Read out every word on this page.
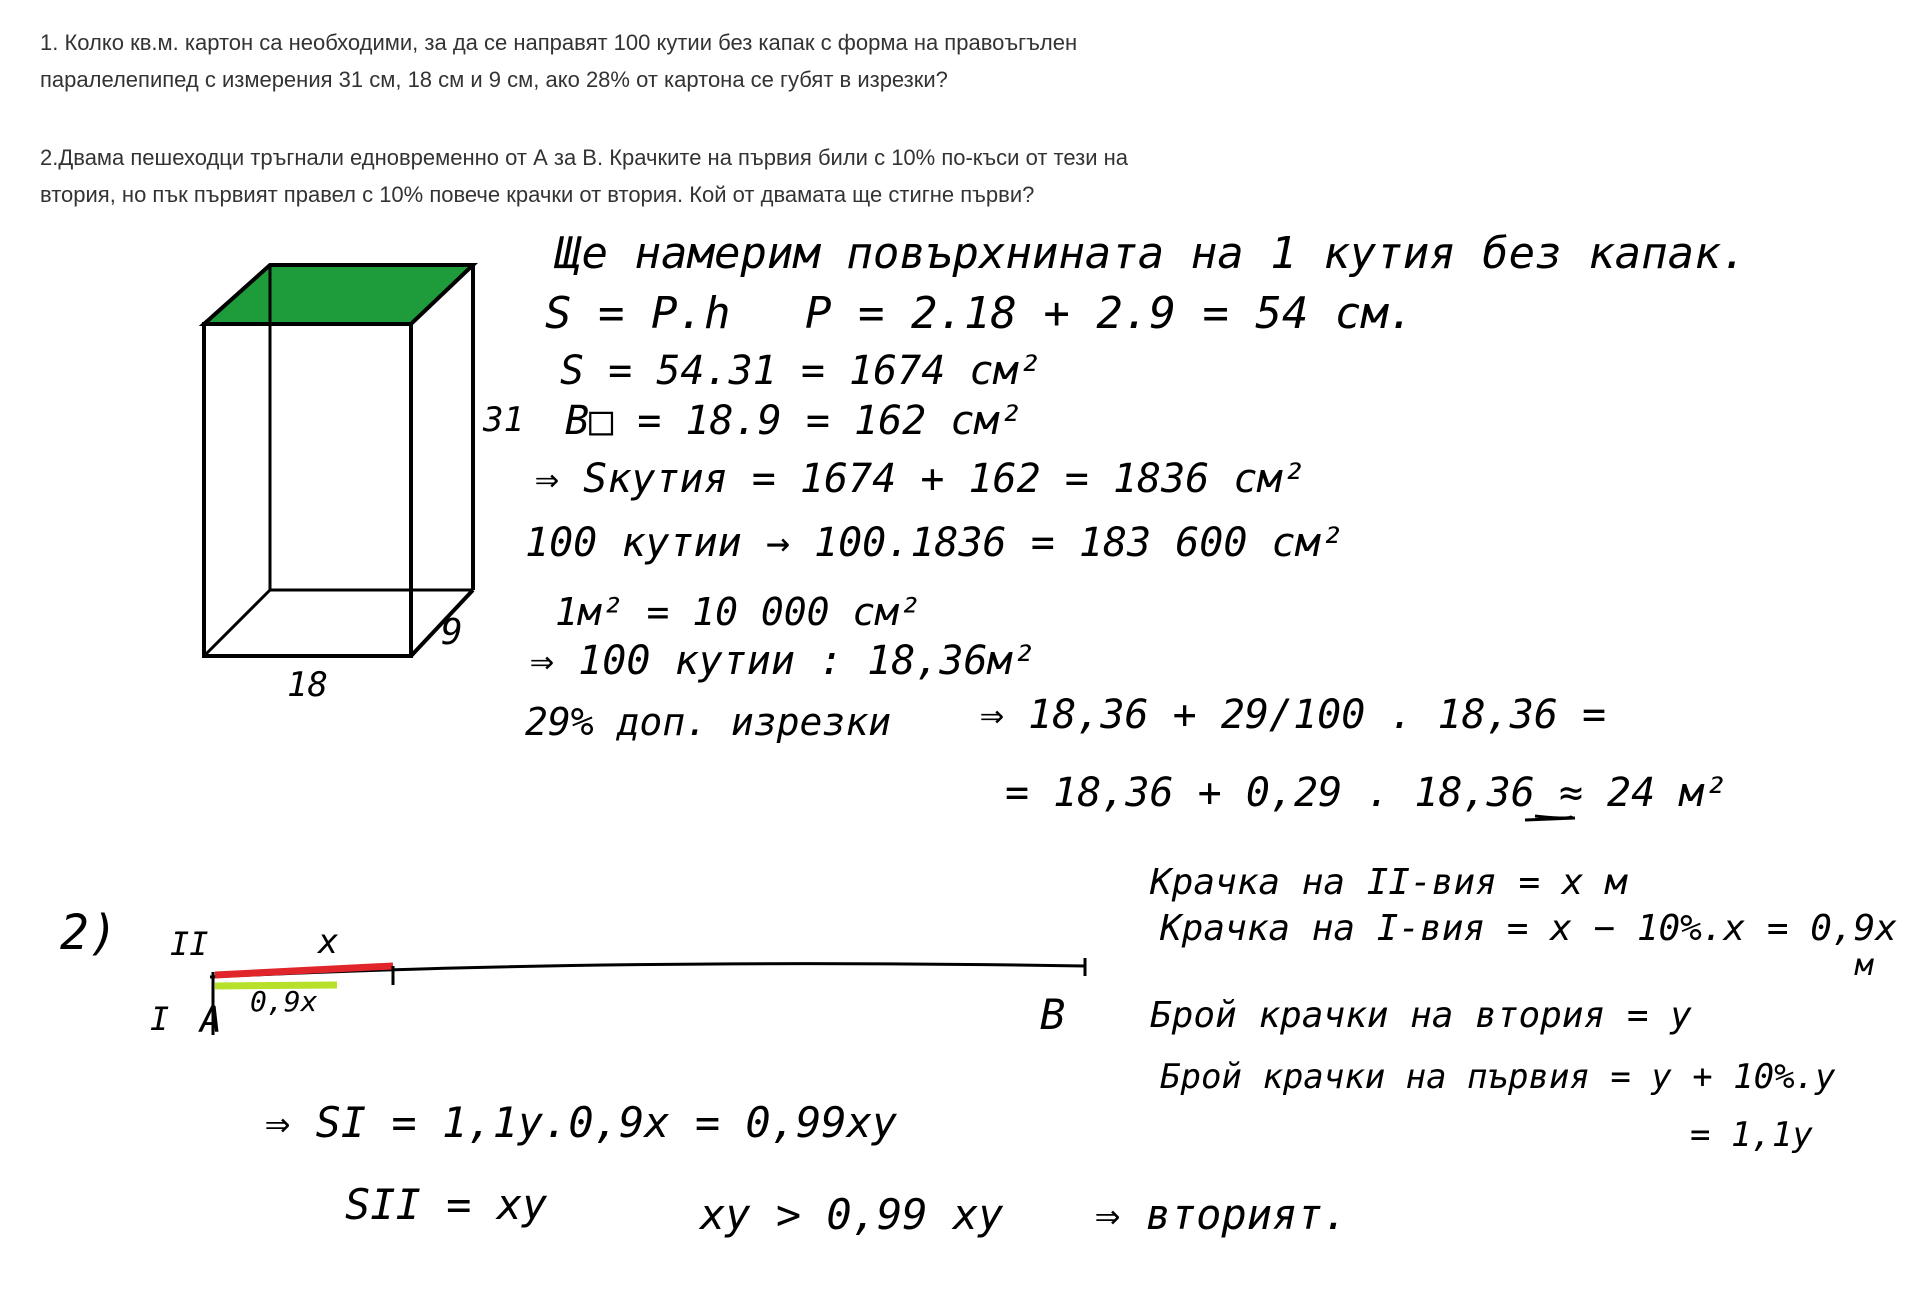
1. Колко кв.м. картон са необходими, за да се направят 100 кутии без капак с форма на правоъгълен
паралелепипед с измерения 31 см, 18 см и 9 см, ако 28% от картона се губят в изрезки?
2.Двама пешеходци тръгнали едновременно от А за В. Крачките на първия били с 10% по-къси от тези на
втория, но пък първият правел с 10% повече крачки от втория. Кой от двамата ще стигне първи?
31
18
9
Ще намерим повърхнината на 1 кутия без капак.
S = P.h P = 2.18 + 2.9 = 54 см.
S = 54.31 = 1674 см²
B□ = 18.9 = 162 см²
⇒ Sкутия = 1674 + 162 = 1836 см²
100 кутии → 100.1836 = 183 600 см²
1м² = 10 000 см²
⇒ 100 кутии : 18,36м²
29% доп. изрезки ⇒ 18,36 + 29/100 . 18,36 =
= 18,36 + 0,29 . 18,36 ≈ 24 м²
2) II
I A	B
x
0,9x
Крачка на II-вия = x м
Крачка на I-вия = x − 10%.x = 0,9x
м
Брой крачки на втория = y
Брой крачки на първия = y + 10%.y
= 1,1y
⇒ SI = 1,1y.0,9x = 0,99xy
SII = xy	xy > 0,99 xy ⇒ вторият.
